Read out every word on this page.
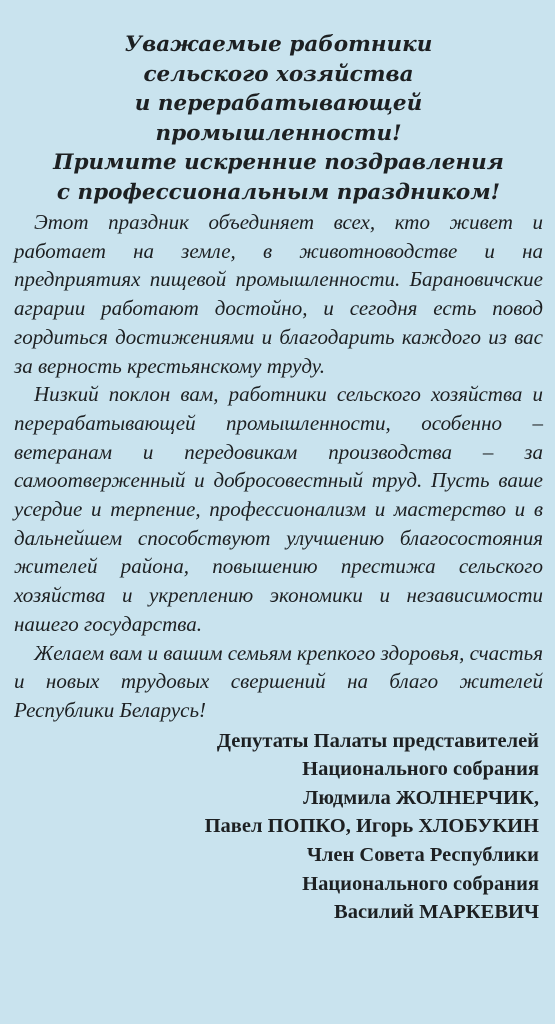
Уважаемые работники
сельского хозяйства
и перерабатывающей
промышленности!
Примите искренние поздравления
с профессиональным праздником!

Этот праздник объединяет всех, кто живет и работает на земле, в животноводстве и на предприятиях пищевой промышленности. Барановичские аграрии работают достойно, и сегодня есть повод гордиться достижениями и благодарить каждого из вас за верность крестьянскому труду.

Низкий поклон вам, работники сельского хозяйства и перерабатывающей промышленности, особенно – ветеранам и передовикам производства – за самоотверженный и добросовестный труд. Пусть ваше усердие и терпение, профессионализм и мастерство и в дальнейшем способствуют улучшению благосостояния жителей района, повышению престижа сельского хозяйства и укреплению экономики и независимости нашего государства.

Желаем вам и вашим семьям крепкого здоровья, счастья и новых трудовых свершений на благо жителей Республики Беларусь!

Депутаты Палаты представителей
Национального собрания
Людмила ЖОЛНЕРЧИК,
Павел ПОПКО, Игорь ХЛОБУКИН
Член Совета Республики
Национального собрания
Василий МАРКЕВИЧ
